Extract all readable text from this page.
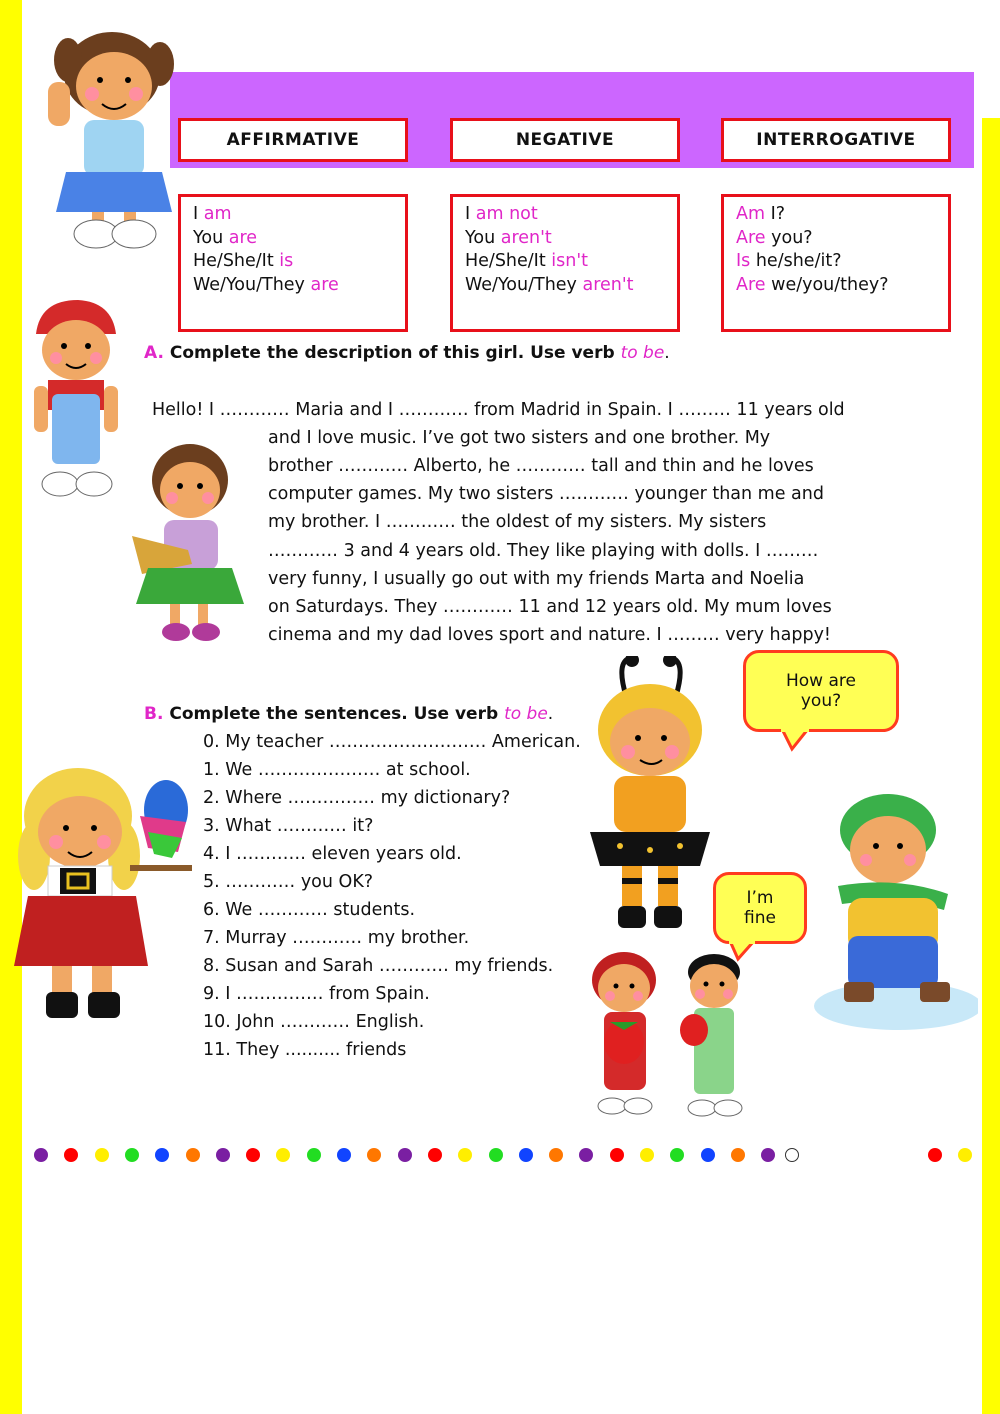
AFFIRMATIVE	NEGATIVE	INTERROGATIVE
I am
You are
He/She/It is
We/You/They are
I am not
You aren't
He/She/It isn't
We/You/They aren't
Am I?
Are you?
Is he/she/it?
Are we/you/they?
A. Complete the description of this girl. Use verb to be.
Hello! I ………… Maria and I ………… from Madrid in Spain. I ……… 11 years old
and I love music. I’ve got two sisters and one brother. My
brother ………… Alberto, he ………… tall and thin and he loves
computer games. My two sisters ………… younger than me and
my brother. I ………… the oldest of my sisters. My sisters
………… 3 and 4 years old. They like playing with dolls. I ………
very funny, I usually go out with my friends Marta and Noelia
on Saturdays. They ………… 11 and 12 years old. My mum loves
cinema and my dad loves sport and nature. I ……… very happy!
How are you?
I’m fine
B. Complete the sentences. Use verb to be.
0. My teacher ……………………… American.
1. We ………………… at school.
2. Where …………… my dictionary?
3. What ………… it?
4. I ………… eleven years old.
5. ………… you OK?
6. We ………… students.
7. Murray ………… my brother.
8. Susan and Sarah ………… my friends.
9. I …………… from Spain.
10. John ………… English.
11. They .......... friends
